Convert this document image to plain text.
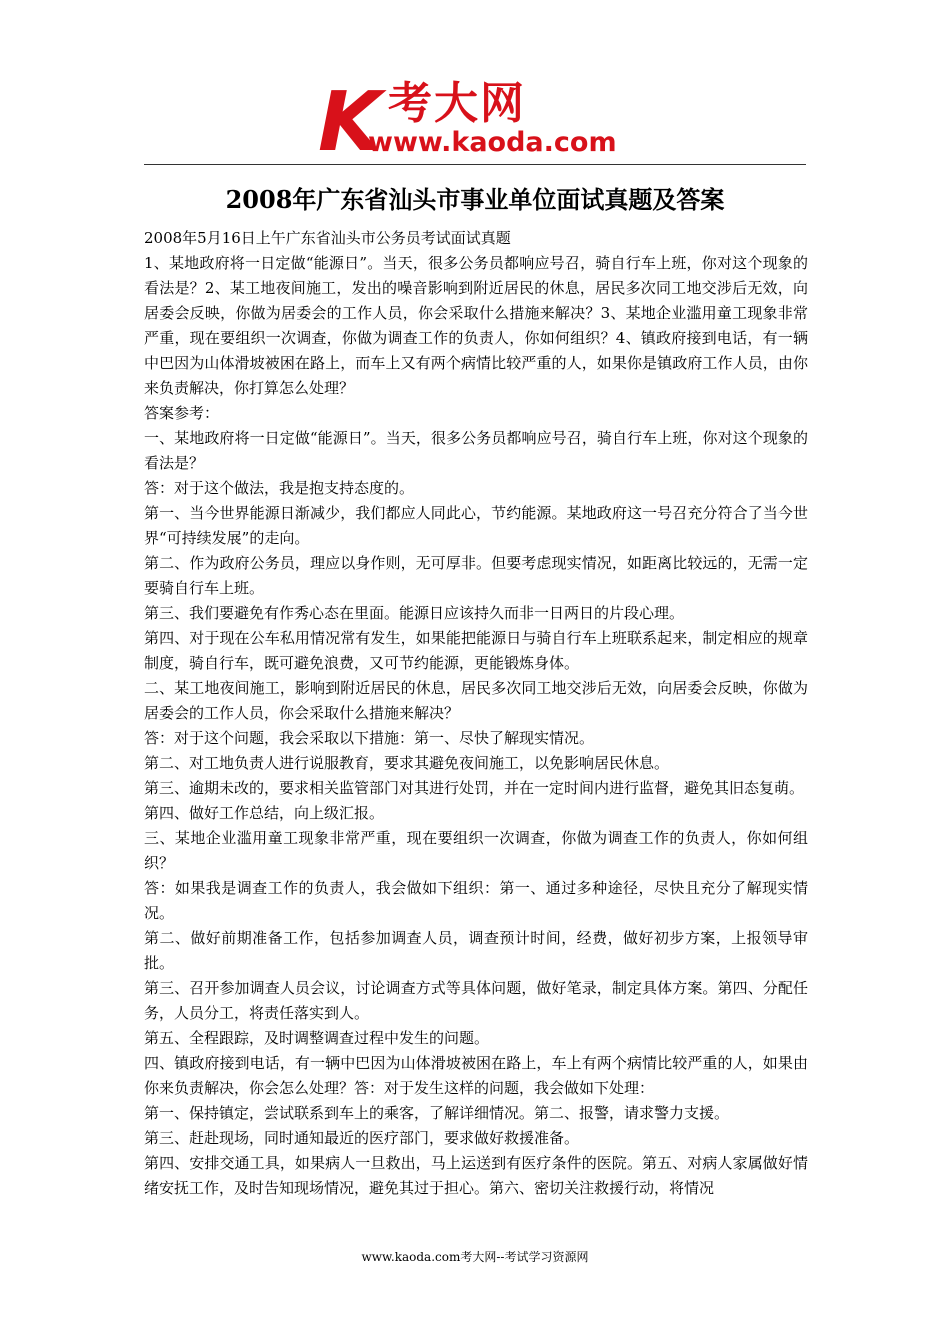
K 考大网
www.kaoda.com
2008年广东省汕头市事业单位面试真题及答案

2008年5月16日上午广东省汕头市公务员考试面试真题

1、某地政府将一日定做“能源日”。当天，很多公务员都响应号召，骑自行车上班，你对这个现象的看法是？2、某工地夜间施工，发出的噪音影响到附近居民的休息，居民多次同工地交涉后无效，向居委会反映，你做为居委会的工作人员，你会采取什么措施来解决？3、某地企业滥用童工现象非常严重，现在要组织一次调查，你做为调查工作的负责人，你如何组织？4、镇政府接到电话，有一辆中巴因为山体滑坡被困在路上，而车上又有两个病情比较严重的人，如果你是镇政府工作人员，由你来负责解决，你打算怎么处理？

答案参考：

一、某地政府将一日定做“能源日”。当天，很多公务员都响应号召，骑自行车上班，你对这个现象的看法是？

答：对于这个做法，我是抱支持态度的。

第一、当今世界能源日渐减少，我们都应人同此心，节约能源。某地政府这一号召充分符合了当今世界“可持续发展”的走向。

第二、作为政府公务员，理应以身作则，无可厚非。但要考虑现实情况，如距离比较远的，无需一定要骑自行车上班。

第三、我们要避免有作秀心态在里面。能源日应该持久而非一日两日的片段心理。

第四、对于现在公车私用情况常有发生，如果能把能源日与骑自行车上班联系起来，制定相应的规章制度，骑自行车，既可避免浪费，又可节约能源，更能锻炼身体。

二、某工地夜间施工，影响到附近居民的休息，居民多次同工地交涉后无效，向居委会反映，你做为居委会的工作人员，你会采取什么措施来解决？

答：对于这个问题，我会采取以下措施：第一、尽快了解现实情况。

第二、对工地负责人进行说服教育，要求其避免夜间施工，以免影响居民休息。

第三、逾期未改的，要求相关监管部门对其进行处罚，并在一定时间内进行监督，避免其旧态复萌。

第四、做好工作总结，向上级汇报。

三、某地企业滥用童工现象非常严重，现在要组织一次调查，你做为调查工作的负责人，你如何组织？

答：如果我是调查工作的负责人，我会做如下组织：第一、通过多种途径，尽快且充分了解现实情况。

第二、做好前期准备工作，包括参加调查人员，调查预计时间，经费，做好初步方案，上报领导审批。

第三、召开参加调查人员会议，讨论调查方式等具体问题，做好笔录，制定具体方案。第四、分配任务，人员分工，将责任落实到人。

第五、全程跟踪，及时调整调查过程中发生的问题。

四、镇政府接到电话，有一辆中巴因为山体滑坡被困在路上，车上有两个病情比较严重的人，如果由你来负责解决，你会怎么处理？答：对于发生这样的问题，我会做如下处理：

第一、保持镇定，尝试联系到车上的乘客，了解详细情况。第二、报警，请求警力支援。

第三、赶赴现场，同时通知最近的医疗部门，要求做好救援准备。

第四、安排交通工具，如果病人一旦救出，马上运送到有医疗条件的医院。第五、对病人家属做好情绪安抚工作，及时告知现场情况，避免其过于担心。第六、密切关注救援行动，将情况

www.kaoda.com考大网--考试学习资源网
